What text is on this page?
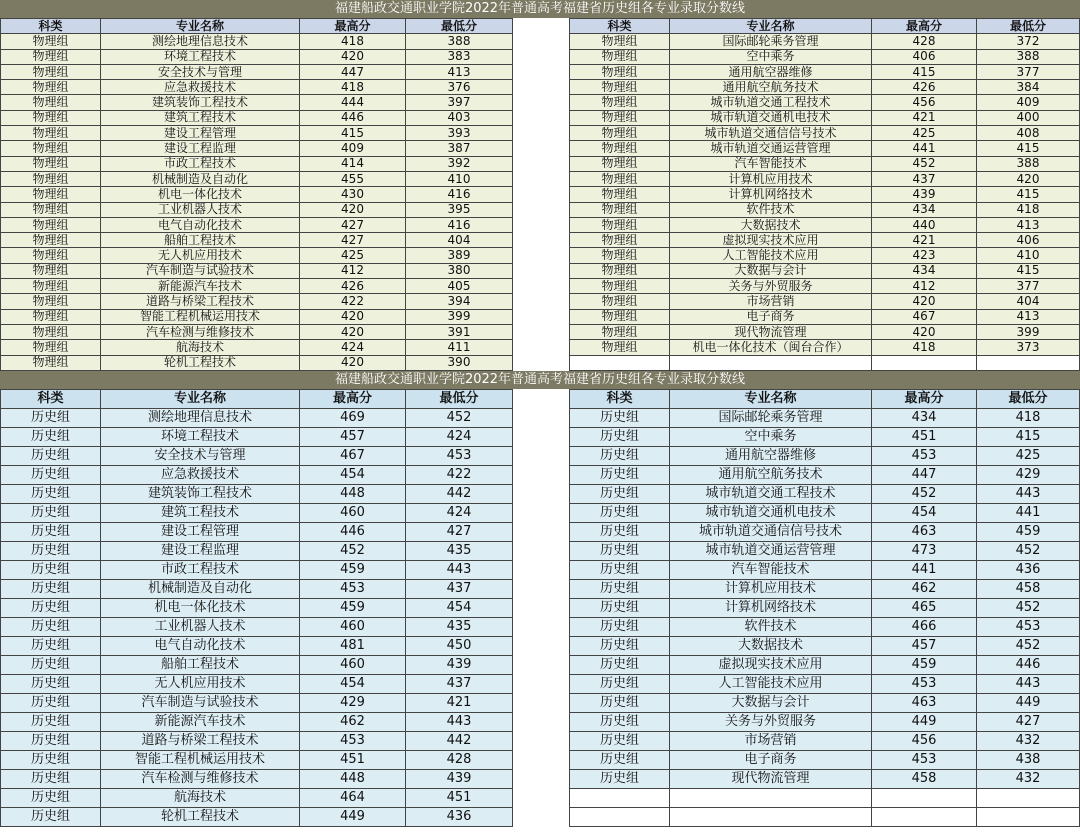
福建船政交通职业学院2022年普通高考福建省历史组各专业录取分数线
科类	专业名称	最高分	最低分
物理组	测绘地理信息技术	418	388
物理组	环境工程技术	420	383
物理组	安全技术与管理	447	413
物理组	应急救援技术	418	376
物理组	建筑装饰工程技术	444	397
物理组	建筑工程技术	446	403
物理组	建设工程管理	415	393
物理组	建设工程监理	409	387
物理组	市政工程技术	414	392
物理组	机械制造及自动化	455	410
物理组	机电一体化技术	430	416
物理组	工业机器人技术	420	395
物理组	电气自动化技术	427	416
物理组	船舶工程技术	427	404
物理组	无人机应用技术	425	389
物理组	汽车制造与试验技术	412	380
物理组	新能源汽车技术	426	405
物理组	道路与桥梁工程技术	422	394
物理组	智能工程机械运用技术	420	399
物理组	汽车检测与维修技术	420	391
物理组	航海技术	424	411
物理组	轮机工程技术	420	390
科类	专业名称	最高分	最低分
物理组	国际邮轮乘务管理	428	372
物理组	空中乘务	406	388
物理组	通用航空器维修	415	377
物理组	通用航空航务技术	426	384
物理组	城市轨道交通工程技术	456	409
物理组	城市轨道交通机电技术	421	400
物理组	城市轨道交通信信号技术	425	408
物理组	城市轨道交通运营管理	441	415
物理组	汽车智能技术	452	388
物理组	计算机应用技术	437	420
物理组	计算机网络技术	439	415
物理组	软件技术	434	418
物理组	大数据技术	440	413
物理组	虚拟现实技术应用	421	406
物理组	人工智能技术应用	423	410
物理组	大数据与会计	434	415
物理组	关务与外贸服务	412	377
物理组	市场营销	420	404
物理组	电子商务	467	413
物理组	现代物流管理	420	399
物理组	机电一体化技术（闽台合作）	418	373

福建船政交通职业学院2022年普通高考福建省历史组各专业录取分数线
科类	专业名称	最高分	最低分
历史组	测绘地理信息技术	469	452
历史组	环境工程技术	457	424
历史组	安全技术与管理	467	453
历史组	应急救援技术	454	422
历史组	建筑装饰工程技术	448	442
历史组	建筑工程技术	460	424
历史组	建设工程管理	446	427
历史组	建设工程监理	452	435
历史组	市政工程技术	459	443
历史组	机械制造及自动化	453	437
历史组	机电一体化技术	459	454
历史组	工业机器人技术	460	435
历史组	电气自动化技术	481	450
历史组	船舶工程技术	460	439
历史组	无人机应用技术	454	437
历史组	汽车制造与试验技术	429	421
历史组	新能源汽车技术	462	443
历史组	道路与桥梁工程技术	453	442
历史组	智能工程机械运用技术	451	428
历史组	汽车检测与维修技术	448	439
历史组	航海技术	464	451
历史组	轮机工程技术	449	436
科类	专业名称	最高分	最低分
历史组	国际邮轮乘务管理	434	418
历史组	空中乘务	451	415
历史组	通用航空器维修	453	425
历史组	通用航空航务技术	447	429
历史组	城市轨道交通工程技术	452	443
历史组	城市轨道交通机电技术	454	441
历史组	城市轨道交通信信号技术	463	459
历史组	城市轨道交通运营管理	473	452
历史组	汽车智能技术	441	436
历史组	计算机应用技术	462	458
历史组	计算机网络技术	465	452
历史组	软件技术	466	453
历史组	大数据技术	457	452
历史组	虚拟现实技术应用	459	446
历史组	人工智能技术应用	453	443
历史组	大数据与会计	463	449
历史组	关务与外贸服务	449	427
历史组	市场营销	456	432
历史组	电子商务	453	438
历史组	现代物流管理	458	432
